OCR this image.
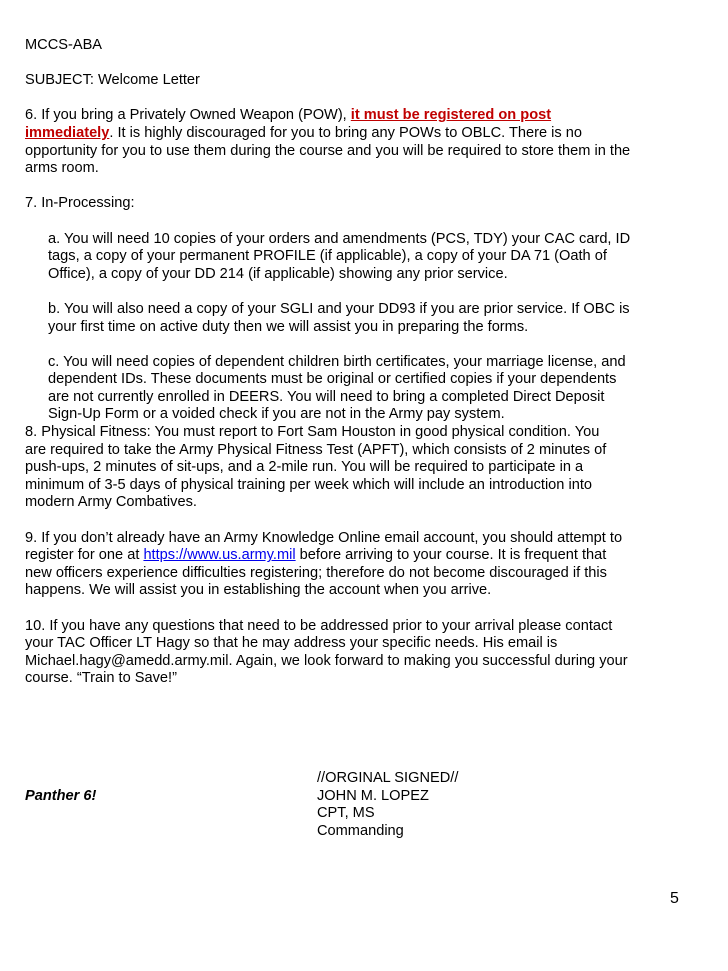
MCCS-ABA
SUBJECT: Welcome Letter
6. If you bring a Privately Owned Weapon (POW), it must be registered on post
immediately. It is highly discouraged for you to bring any POWs to OBLC. There is no
opportunity for you to use them during the course and you will be required to store them in the
arms room.
7. In-Processing:
a. You will need 10 copies of your orders and amendments (PCS, TDY) your CAC card, ID
tags, a copy of your permanent PROFILE (if applicable), a copy of your DA 71 (Oath of
Office), a copy of your DD 214 (if applicable) showing any prior service.
b. You will also need a copy of your SGLI and your DD93 if you are prior service. If OBC is
your first time on active duty then we will assist you in preparing the forms.
c. You will need copies of dependent children birth certificates, your marriage license, and
dependent IDs. These documents must be original or certified copies if your dependents
are not currently enrolled in DEERS. You will need to bring a completed Direct Deposit
Sign-Up Form or a voided check if you are not in the Army pay system.
8. Physical Fitness: You must report to Fort Sam Houston in good physical condition. You
are required to take the Army Physical Fitness Test (APFT), which consists of 2 minutes of
push-ups, 2 minutes of sit-ups, and a 2-mile run. You will be required to participate in a
minimum of 3-5 days of physical training per week which will include an introduction into
modern Army Combatives.
9. If you don’t already have an Army Knowledge Online email account, you should attempt to
register for one at https://www.us.army.mil before arriving to your course. It is frequent that
new officers experience difficulties registering; therefore do not become discouraged if this
happens. We will assist you in establishing the account when you arrive.
10. If you have any questions that need to be addressed prior to your arrival please contact
your TAC Officer LT Hagy so that he may address your specific needs. His email is
Michael.hagy@amedd.army.mil. Again, we look forward to making you successful during your
course. “Train to Save!”
Panther 6!
//ORGINAL SIGNED//
JOHN M. LOPEZ
CPT, MS
Commanding
5
